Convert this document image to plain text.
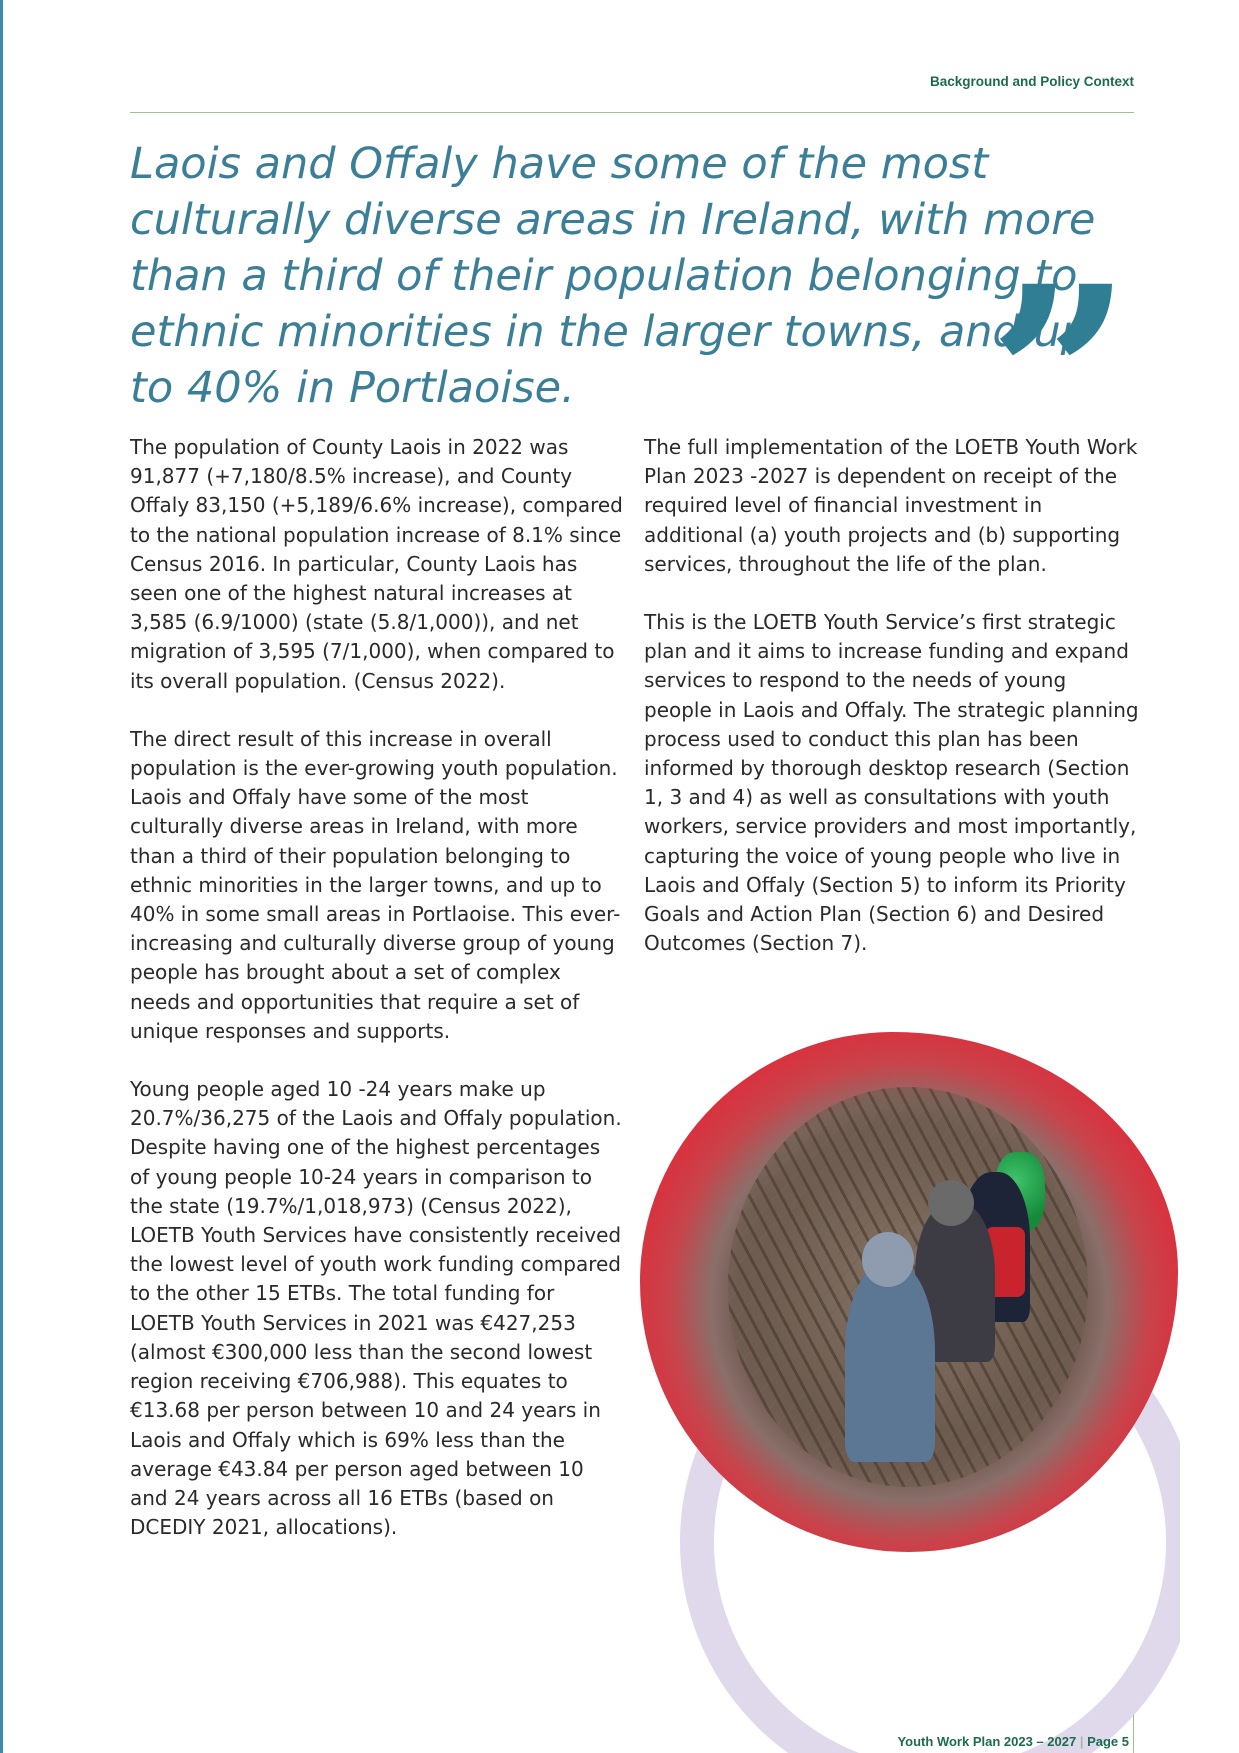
Background and Policy Context
Laois and Offaly have some of the most culturally diverse areas in Ireland, with more than a third of their population belonging to ethnic minorities in the larger towns, and up to 40% in Portlaoise.	”

The population of County Laois in 2022 was 91,877 (+7,180/8.5% increase), and County Offaly 83,150 (+5,189/6.6% increase), compared to the national population increase of 8.1% since Census 2016. In particular, County Laois has seen one of the highest natural increases at 3,585 (6.9/1000) (state (5.8/1,000)), and net migration of 3,595 (7/1,000), when compared to its overall population. (Census 2022).

The direct result of this increase in overall population is the ever-growing youth population. Laois and Offaly have some of the most culturally diverse areas in Ireland, with more than a third of their population belonging to ethnic minorities in the larger towns, and up to 40% in some small areas in Portlaoise. This ever-increasing and culturally diverse group of young people has brought about a set of complex needs and opportunities that require a set of unique responses and supports.

Young people aged 10 -24 years make up 20.7%/36,275 of the Laois and Offaly population. Despite having one of the highest percentages of young people 10-24 years in comparison to the state (19.7%/1,018,973) (Census 2022), LOETB Youth Services have consistently received the lowest level of youth work funding compared to the other 15 ETBs. The total funding for LOETB Youth Services in 2021 was €427,253 (almost €300,000 less than the second lowest region receiving €706,988). This equates to €13.68 per person between 10 and 24 years in Laois and Offaly which is 69% less than the average €43.84 per person aged between 10 and 24 years across all 16 ETBs (based on DCEDIY 2021, allocations).

The full implementation of the LOETB Youth Work Plan 2023 -2027 is dependent on receipt of the required level of financial investment in additional (a) youth projects and (b) supporting services, throughout the life of the plan.

This is the LOETB Youth Service’s first strategic plan and it aims to increase funding and expand services to respond to the needs of young people in Laois and Offaly. The strategic planning process used to conduct this plan has been informed by thorough desktop research (Section 1, 3 and 4) as well as consultations with youth workers, service providers and most importantly, capturing the voice of young people who live in Laois and Offaly (Section 5) to inform its Priority Goals and Action Plan (Section 6) and Desired Outcomes (Section 7).

Youth Work Plan 2023 – 2027 | Page 5
